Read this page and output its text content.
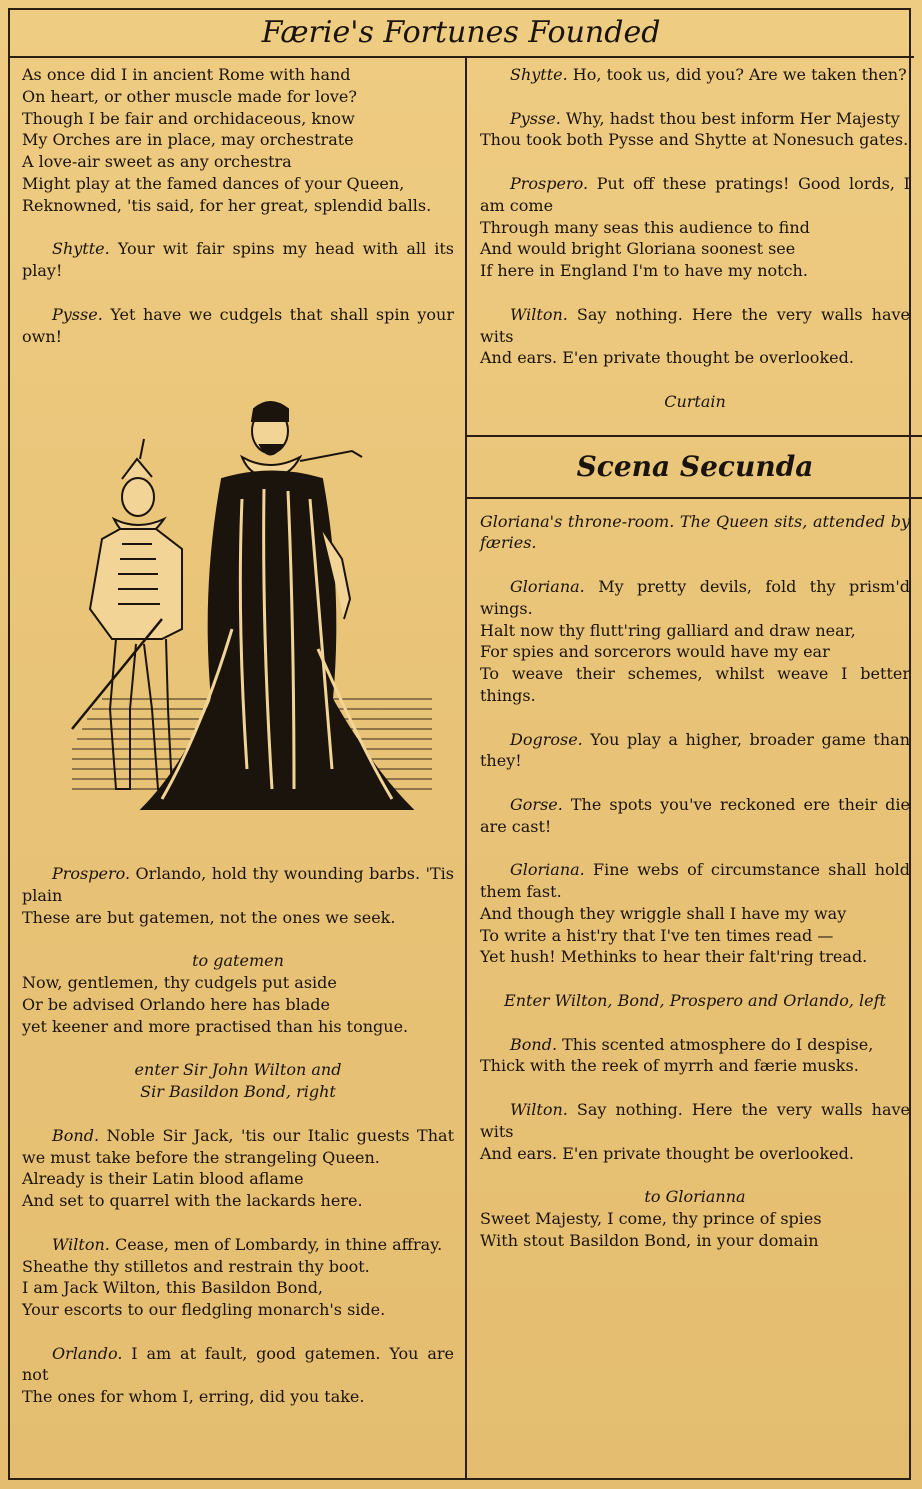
Færie's Fortunes Founded

As once did I in ancient Rome with hand
On heart, or other muscle made for love?
Though I be fair and orchidaceous, know
My Orches are in place, may orchestrate
A love-air sweet as any orchestra
Might play at the famed dances of your Queen,
Reknowned, 'tis said, for her great, splendid balls.

Shytte. Your wit fair spins my head with all its play!

Pysse. Yet have we cudgels that shall spin your own!

Prospero. Orlando, hold thy wounding barbs. 'Tis plain
These are but gatemen, not the ones we seek.

to gatemen

Now, gentlemen, thy cudgels put aside
Or be advised Orlando here has blade
yet keener and more practised than his tongue.

enter Sir John Wilton and
Sir Basildon Bond, right

Bond. Noble Sir Jack, 'tis our Italic guests That we must take before the strangeling Queen.
Already is their Latin blood aflame
And set to quarrel with the lackards here.

Wilton. Cease, men of Lombardy, in thine affray.
Sheathe thy stilletos and restrain thy boot.
I am Jack Wilton, this Basildon Bond,
Your escorts to our fledgling monarch's side.

Orlando. I am at fault, good gatemen. You are not
The ones for whom I, erring, did you take.

Shytte. Ho, took us, did you? Are we taken then?

Pysse. Why, hadst thou best inform Her Majesty
Thou took both Pysse and Shytte at Nonesuch gates.

Prospero. Put off these pratings! Good lords, I am come
Through many seas this audience to find
And would bright Gloriana soonest see
If here in England I'm to have my notch.

Wilton. Say nothing. Here the very walls have wits
And ears. E'en private thought be overlooked.

Curtain

Scena Secunda

Gloriana's throne-room. The Queen sits, attended by færies.

Gloriana. My pretty devils, fold thy prism'd wings.
Halt now thy flutt'ring galliard and draw near,
For spies and sorcerors would have my ear
To weave their schemes, whilst weave I better things.

Dogrose. You play a higher, broader game than they!

Gorse. The spots you've reckoned ere their die are cast!

Gloriana. Fine webs of circumstance shall hold them fast.
And though they wriggle shall I have my way
To write a hist'ry that I've ten times read —
Yet hush! Methinks to hear their falt'ring tread.

Enter Wilton, Bond, Prospero and Orlando, left

Bond. This scented atmosphere do I despise,
Thick with the reek of myrrh and færie musks.

Wilton. Say nothing. Here the very walls have wits
And ears. E'en private thought be overlooked.

to Glorianna

Sweet Majesty, I come, thy prince of spies
With stout Basildon Bond, in your domain
